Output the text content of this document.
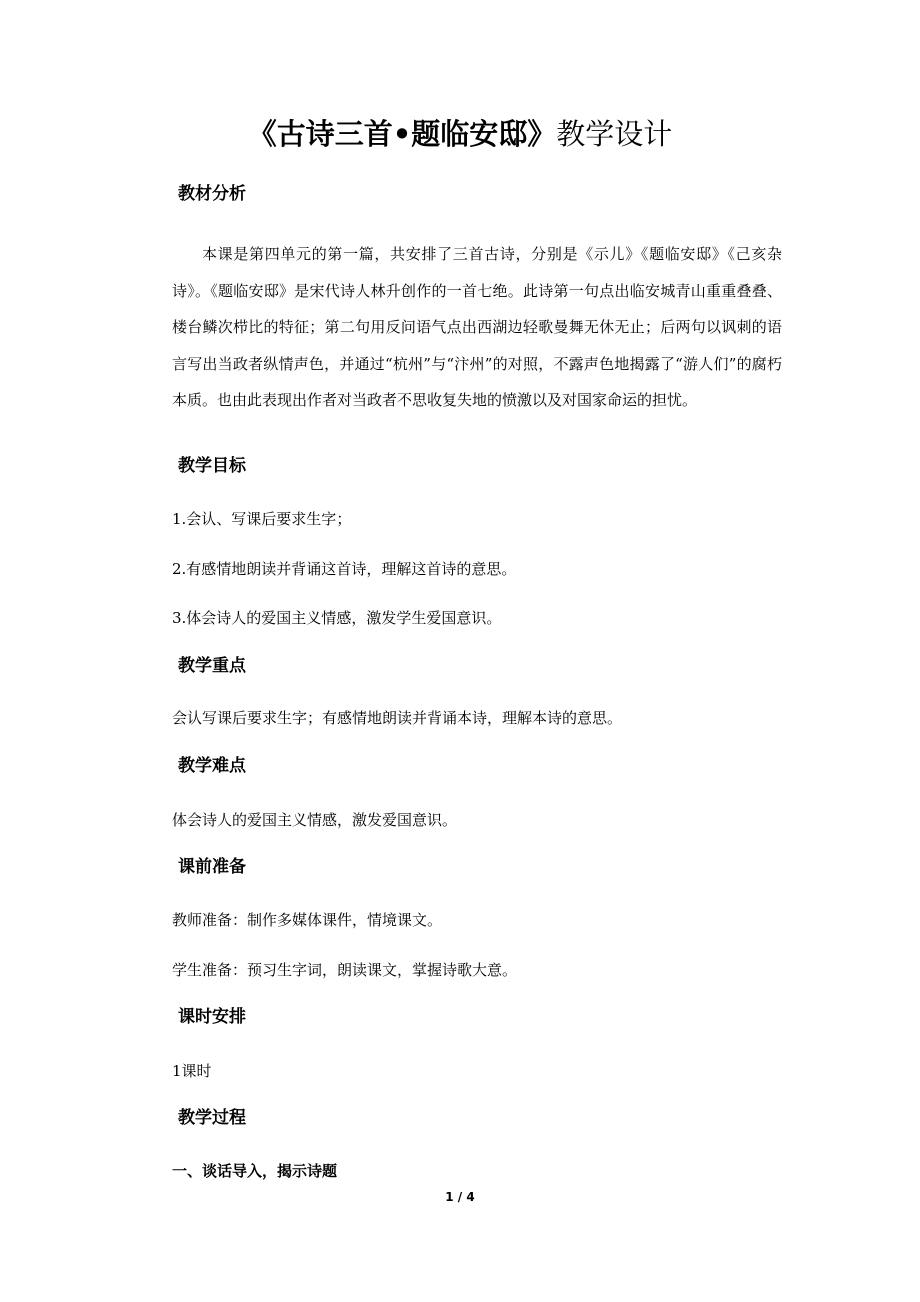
《古诗三首•题临安邸》教学设计
教材分析
本课是第四单元的第一篇，共安排了三首古诗，分别是《示儿》《题临安邸》《己亥杂诗》。《题临安邸》是宋代诗人林升创作的一首七绝。此诗第一句点出临安城青山重重叠叠、楼台鳞次栉比的特征；第二句用反问语气点出西湖边轻歌曼舞无休无止；后两句以讽刺的语言写出当政者纵情声色，并通过“杭州”与“汴州”的对照，不露声色地揭露了“游人们”的腐朽本质。也由此表现出作者对当政者不思收复失地的愤激以及对国家命运的担忧。
教学目标
1.会认、写课后要求生字；
2.有感情地朗读并背诵这首诗，理解这首诗的意思。
3.体会诗人的爱国主义情感，激发学生爱国意识。
教学重点
会认写课后要求生字；有感情地朗读并背诵本诗，理解本诗的意思。
教学难点
体会诗人的爱国主义情感，激发爱国意识。
课前准备
教师准备：制作多媒体课件，情境课文。
学生准备：预习生字词，朗读课文，掌握诗歌大意。
课时安排
1课时
教学过程
一、谈话导入，揭示诗题
1 / 4
